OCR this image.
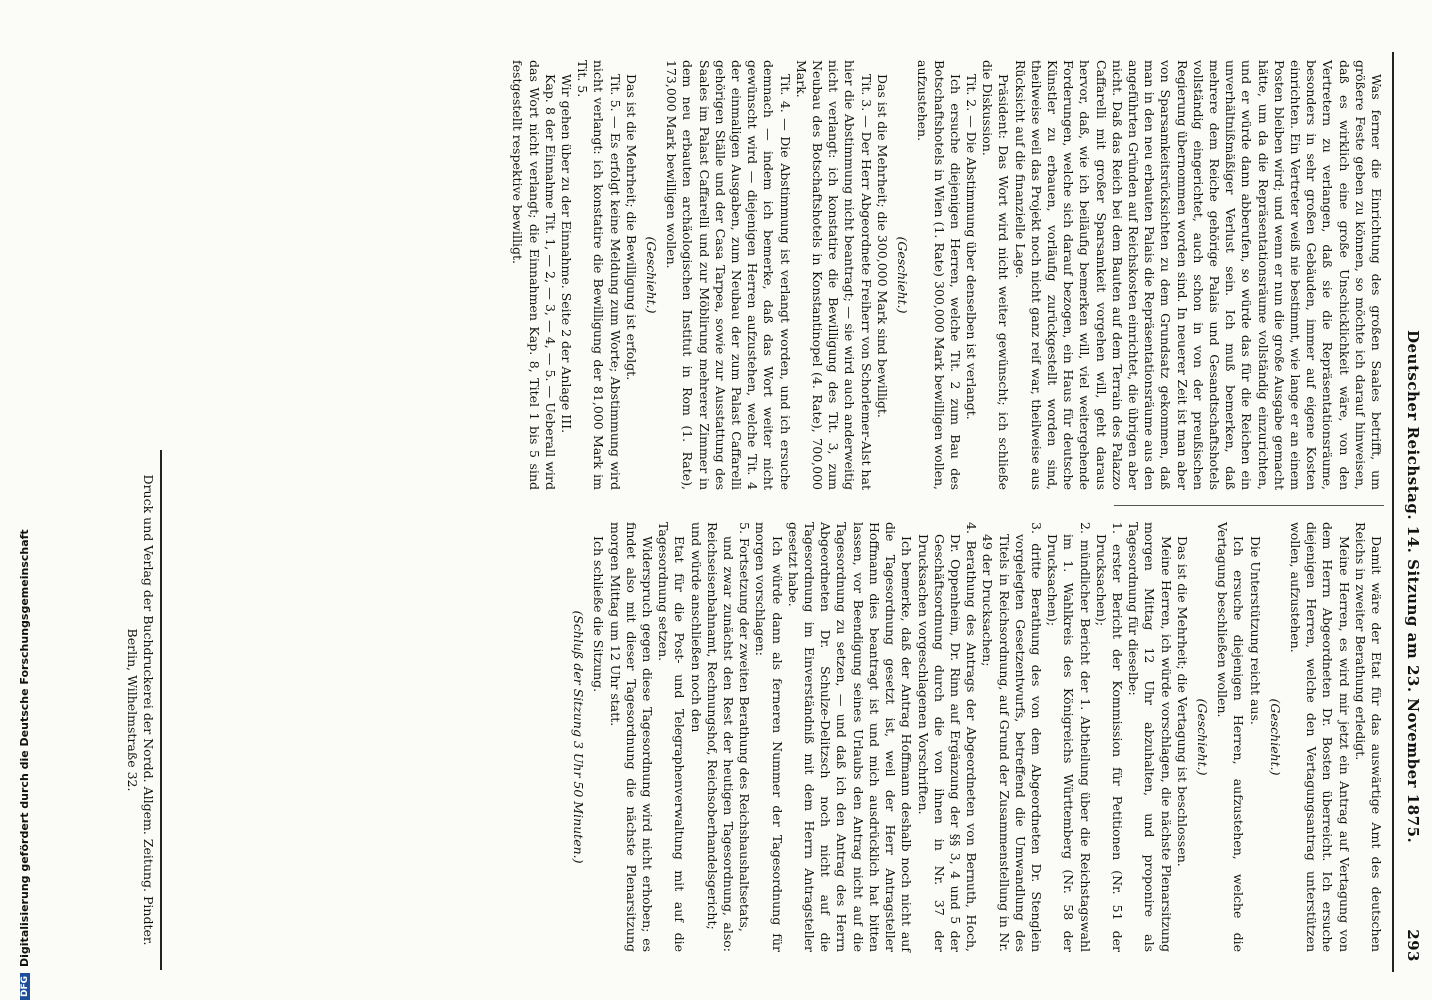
Deutscher Reichstag. 14. Sitzung am 23. November 1875.
293

Was ferner die Einrichtung des großen Saales betrifft, um größere Feste geben zu können, so möchte ich darauf hinweisen, daß es wirklich eine große Unschicklichkeit wäre, von den Vertretern zu verlangen, daß sie die Repräsentationsräume, besonders in sehr großen Gebäuden, immer auf eigene Kosten einrichten. Ein Vertreter weiß nie bestimmt, wie lange er an einem Posten bleiben wird; und wenn er nun die große Ausgabe gemacht hätte, um da die Repräsentationsräume vollständig einzurichten, und er würde dann abberufen, so würde das für die Reichen ein unverhältnißmäßiger Verlust sein. Ich muß bemerken, daß mehrere dem Reiche gehörige Palais und Gesandtschaftshotels vollständig eingerichtet, auch schon in von der preußischen Regierung übernommen worden sind. In neuerer Zeit ist man aber von Sparsamkeitsrücksichten zu dem Grundsatz gekommen, daß man in den neu erbauten Palais die Repräsentationsräume aus den angeführten Gründen auf Reichskosten einrichtet, die übrigen aber nicht. Daß das Reich bei dem Bauten auf dem Terrain des Palazzo Caffarelli mit großer Sparsamkeit vorgehen will, geht daraus hervor, daß, wie ich beiläufig bemerken will, viel weitergehende Forderungen, welche sich darauf bezogen, ein Haus für deutsche Künstler zu erbauen, vorläufig zurückgestellt worden sind, theilweise weil das Projekt noch nicht ganz reif war, theilweise aus Rücksicht auf die finanzielle Lage.

Präsident: Das Wort wird nicht weiter gewünscht; ich schließe die Diskussion.

Tit. 2. — Die Abstimmung über denselben ist verlangt.

Ich ersuche diejenigen Herren, welche Tit. 2 zum Bau des Botschaftshotels in Wien (1. Rate) 300,000 Mark bewilligen wollen, aufzustehen.

(Geschieht.)

Das ist die Mehrheit; die 300,000 Mark sind bewilligt.

Tit. 3. — Der Herr Abgeordnete Freiherr von Schorlemer-Alst hat hier die Abstimmung nicht beantragt; — sie wird auch anderweitig nicht verlangt: ich konstatire die Bewilligung des Tit. 3, zum Neubau des Botschaftshotels in Konstantinopel (4. Rate), 700,000 Mark.

Tit. 4. — Die Abstimmung ist verlangt worden, und ich ersuche demnach — indem ich bemerke, daß das Wort weiter nicht gewünscht wird — diejenigen Herren aufzustehen, welche Tit. 4 der einmaligen Ausgaben, zum Neubau der zum Palast Caffarelli gehörigen Ställe und der Casa Tarpea, sowie zur Ausstattung des Saales im Palast Caffarelli und zur Möblirung mehrerer Zimmer in dem neu erbauten archäologischen Institut in Rom (1. Rate), 173,000 Mark bewilligen wollen.

(Geschieht.)

Das ist die Mehrheit; die Bewilligung ist erfolgt.

Tit. 5. — Es erfolgt keine Meldung zum Worte; Abstimmung wird nicht verlangt: ich konstatire die Bewilligung der 81,000 Mark im Tit. 5.

Wir gehen über zu der Einnahme. Seite 2 der Anlage III.

Kap. 8 der Einnahme Tit. 1, — 2, — 3, — 4, — 5. — Ueberall wird das Wort nicht verlangt; die Einnahmen Kap. 8, Titel 1 bis 5 sind festgestellt respektive bewilligt.

Damit wäre der Etat für das auswärtige Amt des deutschen Reichs in zweiter Berathung erledigt.

Meine Herren, es wird mir jetzt ein Antrag auf Vertagung von dem Herrn Abgeordneten Dr. Bosten überreicht. Ich ersuche diejenigen Herren, welche den Vertagungsantrag unterstützen wollen, aufzustehen.

(Geschieht.)

Die Unterstützung reicht aus.

Ich ersuche diejenigen Herren, aufzustehen, welche die Vertagung beschließen wollen.

(Geschieht.)

Das ist die Mehrheit; die Vertagung ist beschlossen.

Meine Herren, ich würde vorschlagen, die nächste Plenarsitzung morgen Mittag 12 Uhr abzuhalten, und proponire als Tagesordnung für dieselbe:

1. erster Bericht der Kommission für Petitionen (Nr. 51 der Drucksachen);

2. mündlicher Bericht der 1. Abtheilung über die Reichstagswahl im 1. Wahlkreis des Königreichs Württemberg (Nr. 58 der Drucksachen);

3. dritte Berathung des von dem Abgeordneten Dr. Stenglein vorgelegten Gesetzentwurfs, betreffend die Umwandlung des Titels in Reichsordnung, auf Grund der Zusammenstellung in Nr. 49 der Drucksachen;

4. Berathung des Antrags der Abgeordneten von Bernuth, Hoch, Dr. Oppenheim, Dr. Rinn auf Ergänzung der §§ 3, 4 und 5 der Geschäftsordnung durch die von ihnen in Nr. 37 der Drucksachen vorgeschlagenen Vorschriften.

Ich bemerke, daß der Antrag Hoffmann deshalb noch nicht auf die Tagesordnung gesetzt ist, weil der Herr Antragsteller Hoffmann dies beantragt ist und mich ausdrücklich hat bitten lassen, vor Beendigung seines Urlaubs den Antrag nicht auf die Tagesordnung zu setzen, — und daß ich den Antrag des Herrn Abgeordneten Dr. Schulze-Delitzsch noch nicht auf die Tagesordnung im Einverständniß mit dem Herrn Antragsteller gesetzt habe.

Ich würde dann als ferneren Nummer der Tagesordnung für morgen vorschlagen:

5. Fortsetzung der zweiten Berathung des Reichshaushaltsetats,

und zwar zunächst den Rest der heutigen Tagesordnung, also: Reichseisenbahnamt, Rechnungshof, Reichsoberhandelsgericht;

und würde anschließen noch den

Etat für die Post- und Telegraphenverwaltung mit auf die Tagesordnung setzen.

Widerspruch gegen diese Tagesordnung wird nicht erhoben; es findet also mit dieser Tagesordnung die nächste Plenarsitzung morgen Mittag um 12 Uhr statt.

Ich schließe die Sitzung.

(Schluß der Sitzung 3 Uhr 50 Minuten.)

Druck und Verlag der Buchdruckerei der Nordd. Allgem. Zeitung. Pindter.
Berlin, Wilhelmstraße 32.
DFGDigitalisierung gefördert durch die Deutsche Forschungsgemeinschaft
